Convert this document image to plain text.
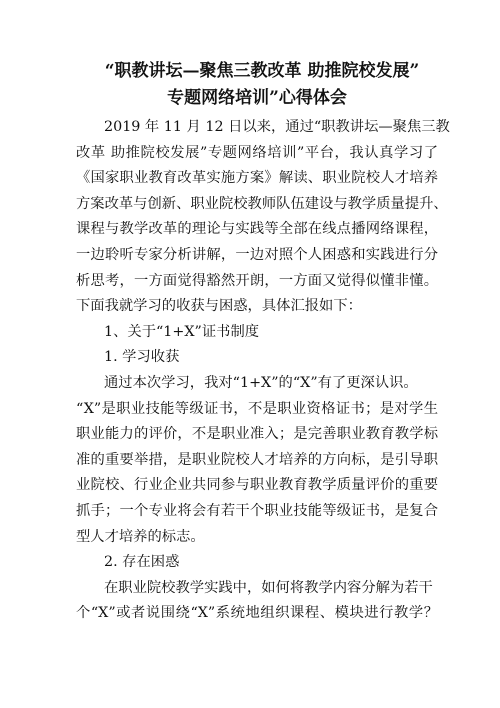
“职教讲坛—聚焦三教改革 助推院校发展”

专题网络培训”心得体会

2019 年 11 月 12 日以来，通过“职教讲坛—聚焦三教

改革 助推院校发展”专题网络培训”平台，我认真学习了

《国家职业教育改革实施方案》解读、职业院校人才培养

方案改革与创新、职业院校教师队伍建设与教学质量提升、

课程与教学改革的理论与实践等全部在线点播网络课程，

一边聆听专家分析讲解，一边对照个人困惑和实践进行分

析思考，一方面觉得豁然开朗，一方面又觉得似懂非懂。

下面我就学习的收获与困惑，具体汇报如下：

1、关于“1+X”证书制度

1. 学习收获

通过本次学习，我对“1+X”的“X”有了更深认识。

“X”是职业技能等级证书，不是职业资格证书；是对学生

职业能力的评价，不是职业准入；是完善职业教育教学标

准的重要举措，是职业院校人才培养的方向标，是引导职

业院校、行业企业共同参与职业教育教学质量评价的重要

抓手；一个专业将会有若干个职业技能等级证书，是复合

型人才培养的标志。

2. 存在困惑

在职业院校教学实践中，如何将教学内容分解为若干

个“X”或者说围绕“X”系统地组织课程、模块进行教学？
